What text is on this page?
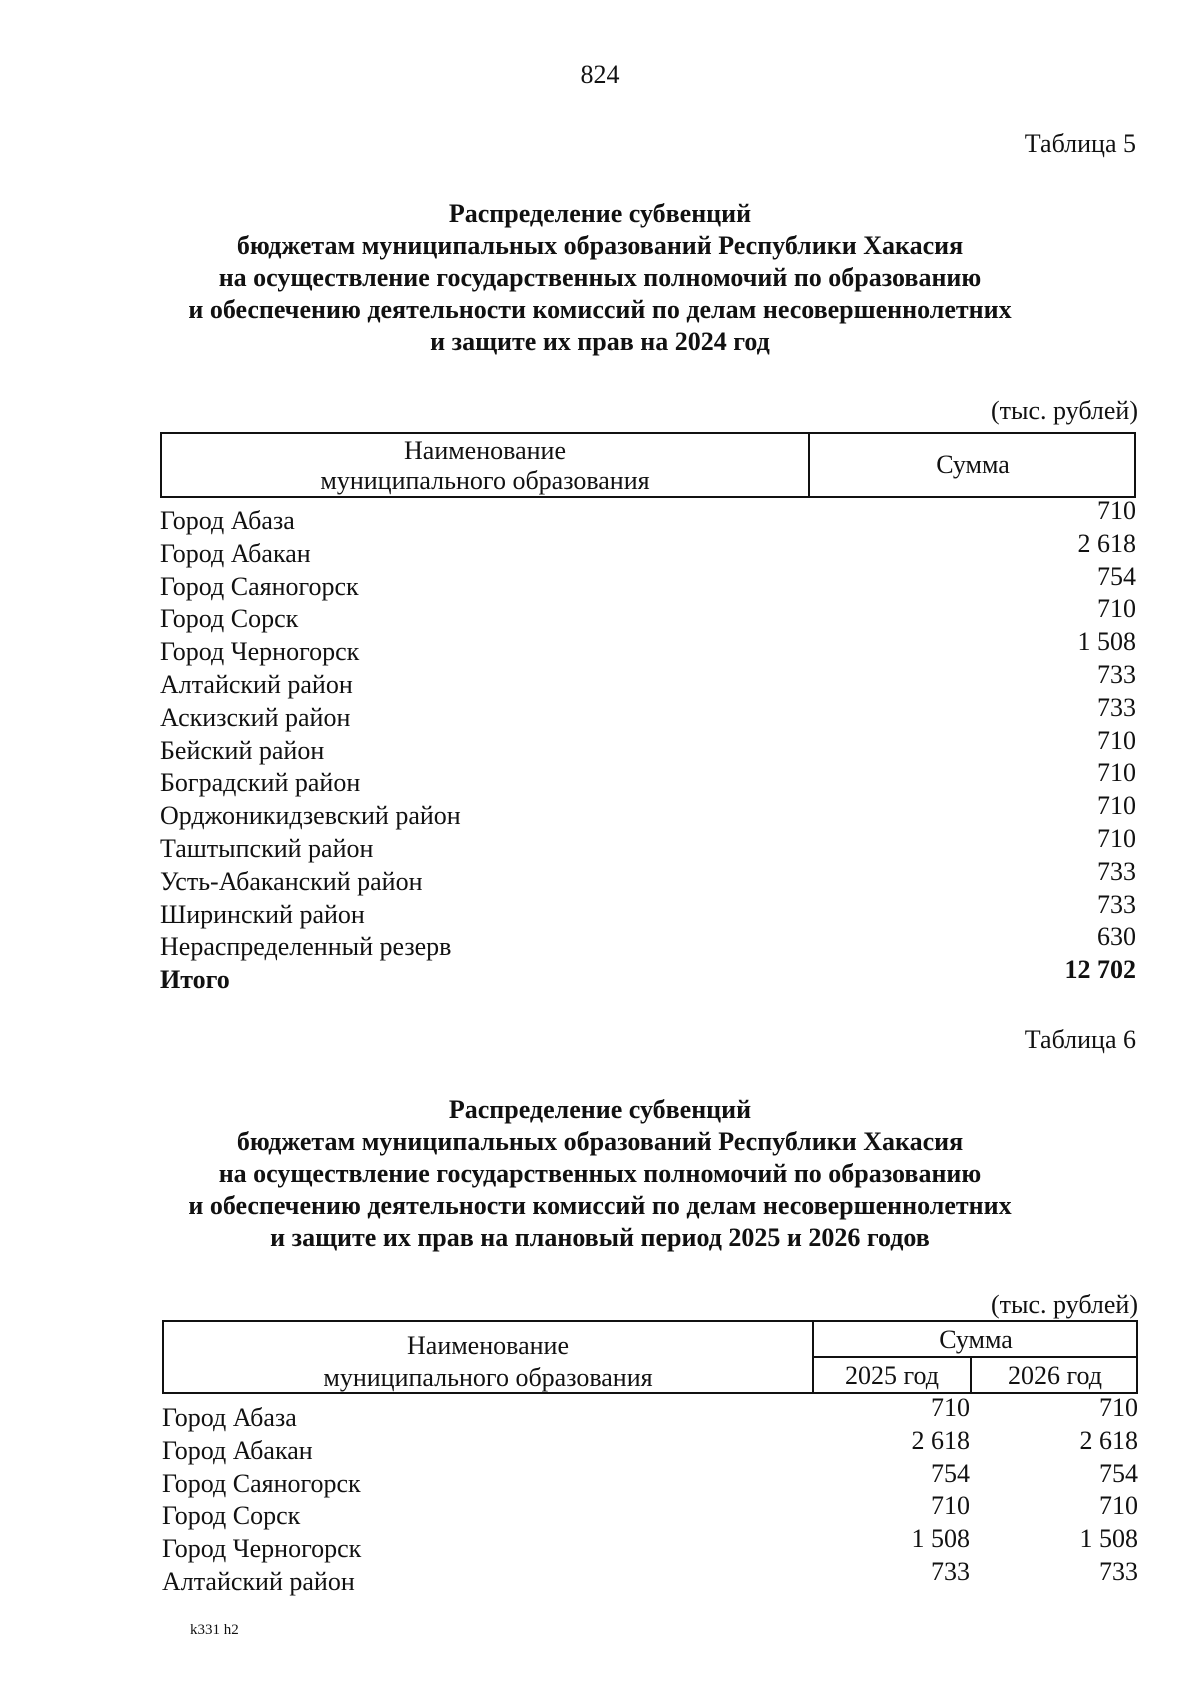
824
Таблица 5
Распределение субвенций
бюджетам муниципальных образований Республики Хакасия
на осуществление государственных полномочий по образованию
и обеспечению деятельности комиссий по делам несовершеннолетних
и защите их прав на 2024 год
(тыс. рублей)
Наименование
муниципального образования
Сумма
Город Абаза	710
Город Абакан	2 618
Город Саяногорск	754
Город Сорск	710
Город Черногорск	1 508
Алтайский район	733
Аскизский район	733
Бейский район	710
Боградский район	710
Орджоникидзевский район	710
Таштыпский район	710
Усть-Абаканский район	733
Ширинский район	733
Нераспределенный резерв	630
Итого	12 702
Таблица 6
Распределение субвенций
бюджетам муниципальных образований Республики Хакасия
на осуществление государственных полномочий по образованию
и обеспечению деятельности комиссий по делам несовершеннолетних
и защите их прав на плановый период 2025 и 2026 годов
(тыс. рублей)
Наименование
муниципального образования
Сумма
2025 год	2026 год
Город Абаза	710	710
Город Абакан	2 618	2 618
Город Саяногорск	754	754
Город Сорск	710	710
Город Черногорск	1 508	1 508
Алтайский район	733	733
k331 h2
